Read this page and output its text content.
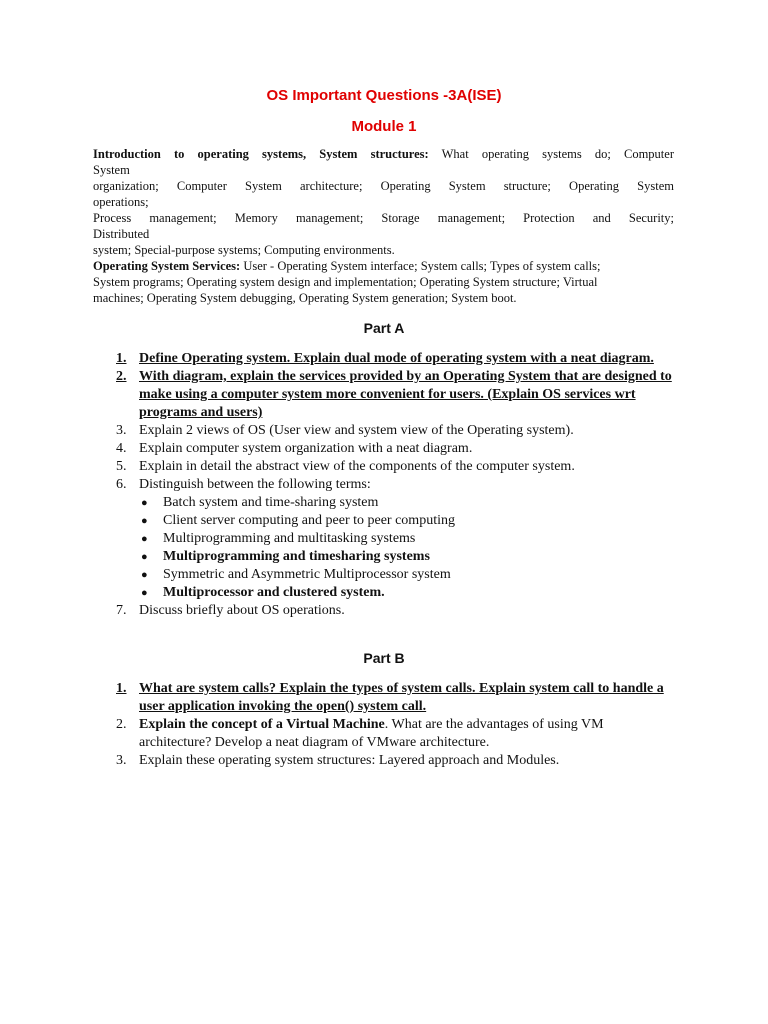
OS Important Questions -3A(ISE)
Module 1
Introduction to operating systems, System structures: What operating systems do; Computer
System
organization; Computer System architecture; Operating System structure; Operating System
operations;
Process management; Memory management; Storage management; Protection and Security;
Distributed
system; Special-purpose systems; Computing environments.
Operating System Services: User - Operating System interface; System calls; Types of system calls;
System programs; Operating system design and implementation; Operating System structure; Virtual
machines; Operating System debugging, Operating System generation; System boot.
Part A
1. Define Operating system. Explain dual mode of operating system with a neat diagram.
2. With diagram, explain the services provided by an Operating System that are designed to make using a computer system more convenient for users. (Explain OS services wrt programs and users)
3. Explain 2 views of OS (User view and system view of the Operating system).
4. Explain computer system organization with a neat diagram.
5. Explain in detail the abstract view of the components of the computer system.
6. Distinguish between the following terms:
● Batch system and time-sharing system
● Client server computing and peer to peer computing
● Multiprogramming and multitasking systems
● Multiprogramming and timesharing systems
● Symmetric and Asymmetric Multiprocessor system
● Multiprocessor and clustered system.
7. Discuss briefly about OS operations.
Part B
1. What are system calls? Explain the types of system calls. Explain system call to handle a user application invoking the open() system call.
2. Explain the concept of a Virtual Machine. What are the advantages of using VM architecture? Develop a neat diagram of VMware architecture.
3. Explain these operating system structures: Layered approach and Modules.
